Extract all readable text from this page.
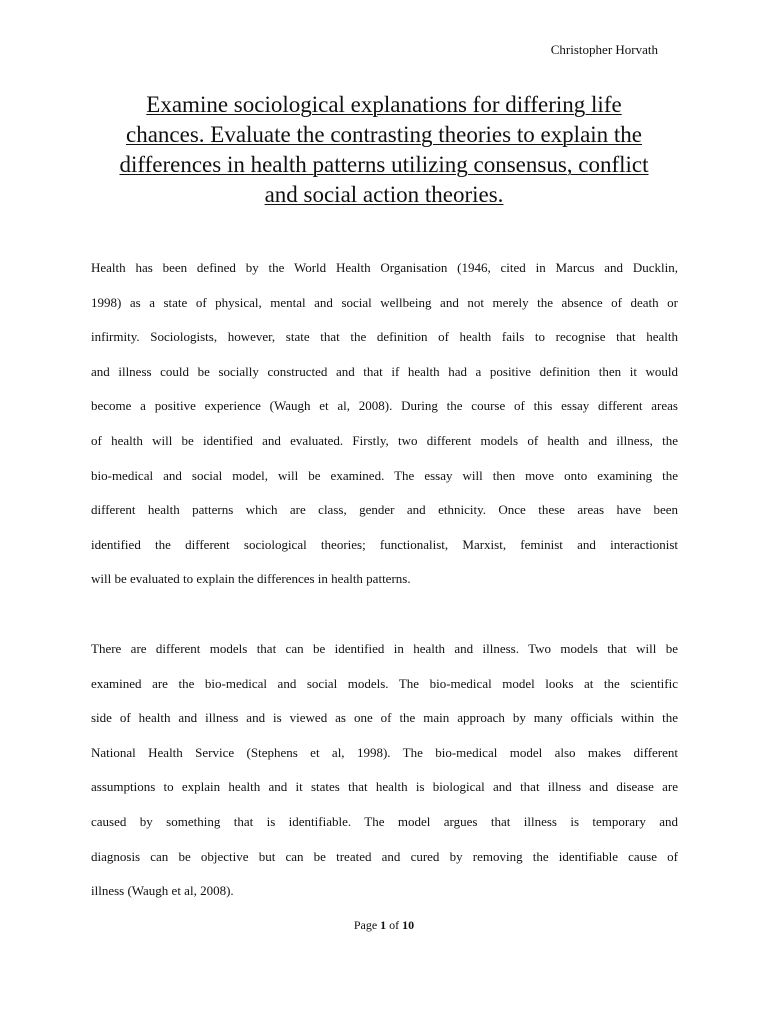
Christopher Horvath
Examine sociological explanations for differing life
chances. Evaluate the contrasting theories to explain the
differences in health patterns utilizing consensus, conflict
and social action theories.
Health has been defined by the World Health Organisation (1946, cited in Marcus and Ducklin,
1998) as a state of physical, mental and social wellbeing and not merely the absence of death or
infirmity. Sociologists, however, state that the definition of health fails to recognise that health
and illness could be socially constructed and that if health had a positive definition then it would
become a positive experience (Waugh et al, 2008). During the course of this essay different areas
of health will be identified and evaluated. Firstly, two different models of health and illness, the
bio-medical and social model, will be examined. The essay will then move onto examining the
different health patterns which are class, gender and ethnicity. Once these areas have been
identified the different sociological theories; functionalist, Marxist, feminist and interactionist
will be evaluated to explain the differences in health patterns.
There are different models that can be identified in health and illness. Two models that will be
examined are the bio-medical and social models. The bio-medical model looks at the scientific
side of health and illness and is viewed as one of the main approach by many officials within the
National Health Service (Stephens et al, 1998). The bio-medical model also makes different
assumptions to explain health and it states that health is biological and that illness and disease are
caused by something that is identifiable. The model argues that illness is temporary and
diagnosis can be objective but can be treated and cured by removing the identifiable cause of
illness (Waugh et al, 2008).
Page 1 of 10
